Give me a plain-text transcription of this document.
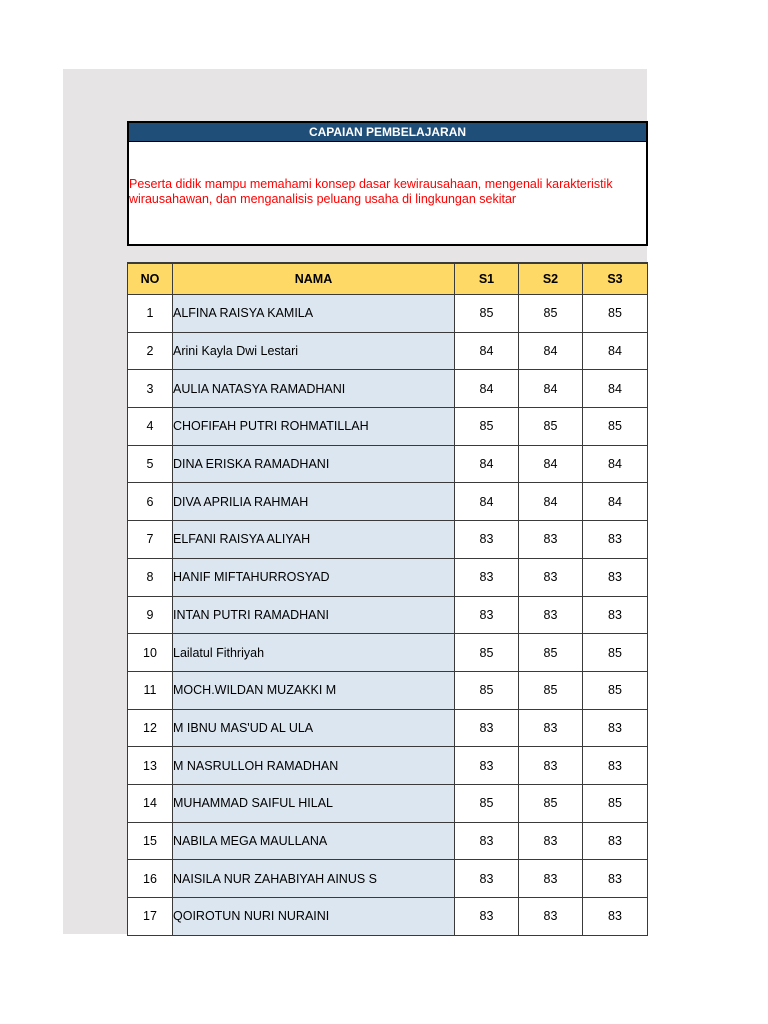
CAPAIAN PEMBELAJARAN
Peserta didik mampu memahami konsep dasar kewirausahaan, mengenali karakteristik wirausahawan, dan menganalisis peluang usaha di lingkungan sekitar
NO	NAMA	S1	S2	S3
1	ALFINA RAISYA KAMILA	85	85	85
2	Arini Kayla Dwi Lestari	84	84	84
3	AULIA NATASYA RAMADHANI	84	84	84
4	CHOFIFAH PUTRI ROHMATILLAH	85	85	85
5	DINA ERISKA RAMADHANI	84	84	84
6	DIVA APRILIA RAHMAH	84	84	84
7	ELFANI RAISYA ALIYAH	83	83	83
8	HANIF MIFTAHURROSYAD	83	83	83
9	INTAN PUTRI RAMADHANI	83	83	83
10	Lailatul Fithriyah	85	85	85
11	MOCH.WILDAN MUZAKKI M	85	85	85
12	M IBNU MAS'UD AL ULA	83	83	83
13	M NASRULLOH RAMADHAN	83	83	83
14	MUHAMMAD SAIFUL HILAL	85	85	85
15	NABILA MEGA MAULLANA	83	83	83
16	NAISILA NUR ZAHABIYAH AINUS S	83	83	83
17	QOIROTUN NURI NURAINI	83	83	83
